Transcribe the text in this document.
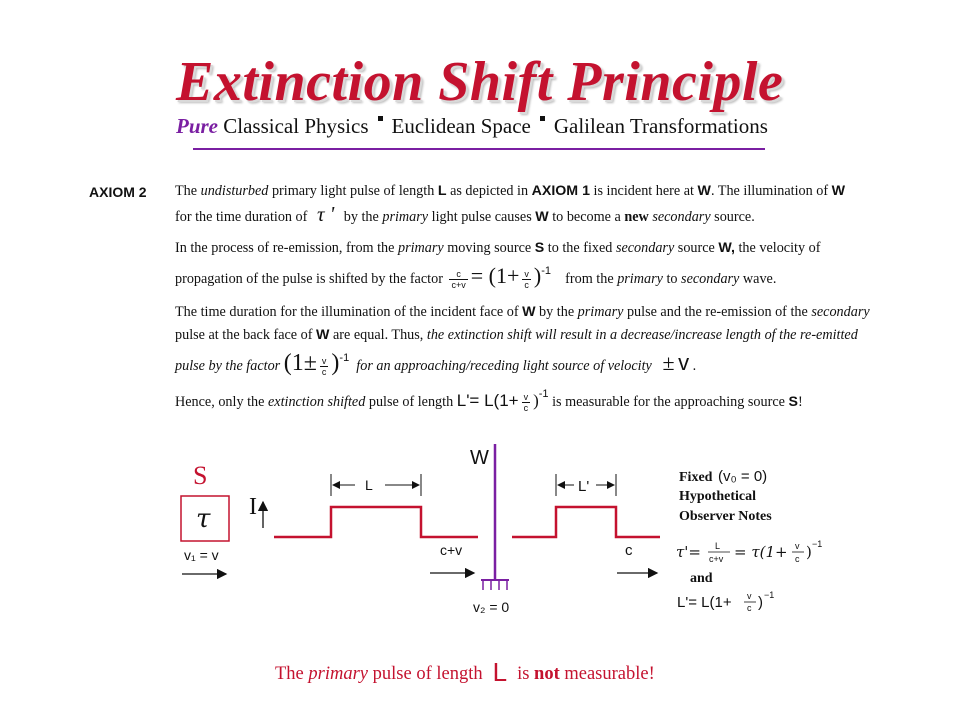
Extinction Shift Principle
Pure Classical Physics Euclidean Space Galilean Transformations
AXIOM 2 The undisturbed primary light pulse of length L as depicted in AXIOM 1 is incident here at W. The illumination of W
for the time duration of τ ' by the primary light pulse causes W to become a new secondary source.
In the process of re-emission, from the primary moving source S to the fixed secondary source W, the velocity of
propagation of the pulse is shifted by the factor $\frac{c}{c+v} = (1+ \frac{v}{c} )^{-1}$ from the primary to secondary wave.
The time duration for the illumination of the incident face of W by the primary pulse and the re-emission of the secondary
pulse at the back face of W are equal. Thus, the extinction shift will result in a decrease/increase length of the re-emitted
pulse by the factor $(1\pm \frac{v}{c} )^{-1}$ for an approaching/receding light source of velocity ± v .
Hence, only the extinction shifted pulse of length $L'= L(1+ \frac{v}{c} )^{-1}$ is measurable for the approaching source S!
S
τ
v₁ = v
I
L
c+v
W
v₂ = 0
L'
c
Fixed (v₀ = 0)
Hypothetical
Observer Notes
τ'= L
c+v = τ(1+ v
c ) −1
and
L'= L(1+ v
c ) −1
The primary pulse of length L is not measurable!
